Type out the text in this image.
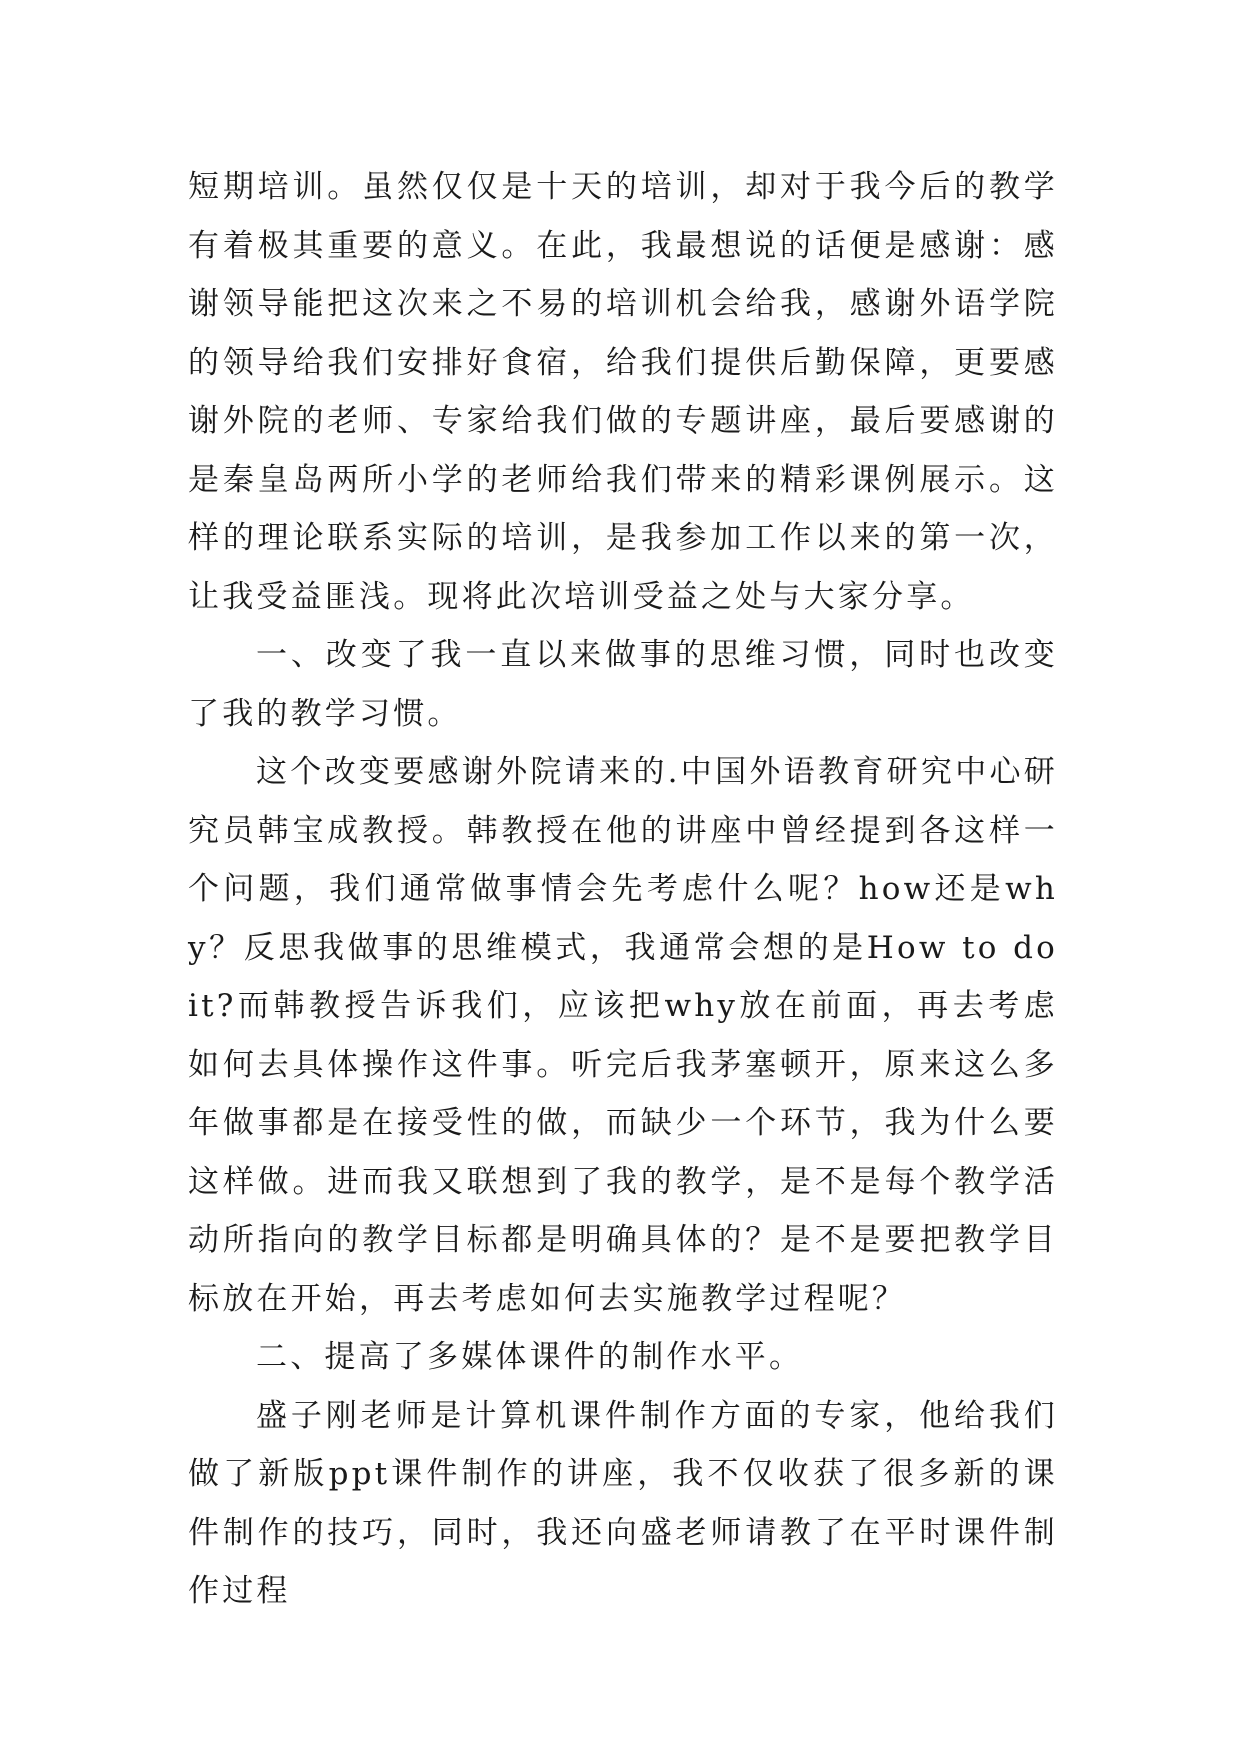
短期培训。虽然仅仅是十天的培训，却对于我今后的教学有着极其重要的意义。在此，我最想说的话便是感谢：感谢领导能把这次来之不易的培训机会给我，感谢外语学院的领导给我们安排好食宿，给我们提供后勤保障，更要感谢外院的老师、专家给我们做的专题讲座，最后要感谢的是秦皇岛两所小学的老师给我们带来的精彩课例展示。这样的理论联系实际的培训，是我参加工作以来的第一次，让我受益匪浅。现将此次培训受益之处与大家分享。

一、改变了我一直以来做事的思维习惯，同时也改变了我的教学习惯。

这个改变要感谢外院请来的.中国外语教育研究中心研究员韩宝成教授。韩教授在他的讲座中曾经提到各这样一个问题，我们通常做事情会先考虑什么呢？how还是why？反思我做事的思维模式，我通常会想的是How to do it?而韩教授告诉我们，应该把why放在前面，再去考虑如何去具体操作这件事。听完后我茅塞顿开，原来这么多年做事都是在接受性的做，而缺少一个环节，我为什么要这样做。进而我又联想到了我的教学，是不是每个教学活动所指向的教学目标都是明确具体的？是不是要把教学目标放在开始，再去考虑如何去实施教学过程呢？

二、提高了多媒体课件的制作水平。

盛子刚老师是计算机课件制作方面的专家，他给我们做了新版ppt课件制作的讲座，我不仅收获了很多新的课件制作的技巧，同时，我还向盛老师请教了在平时课件制作过程
